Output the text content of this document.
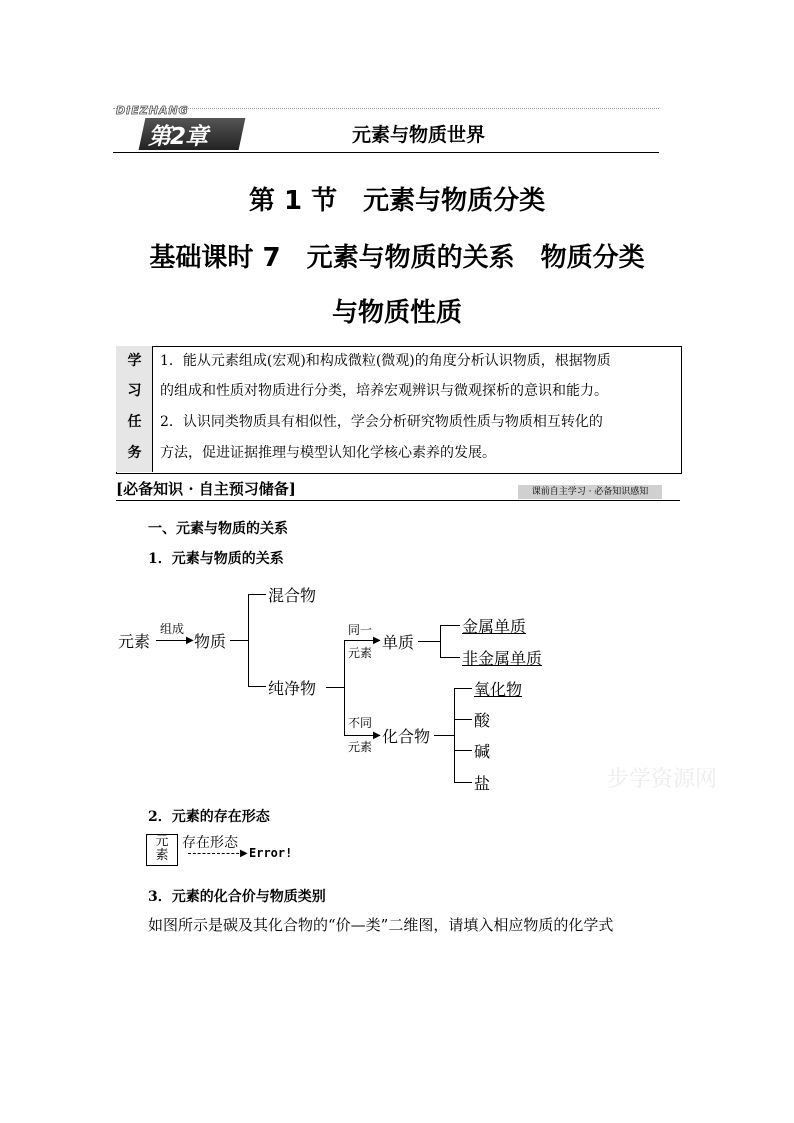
DIEZHANG
第2章	元素与物质世界
第 1 节　元素与物质分类
基础课时 7　元素与物质的关系　物质分类
与物质性质
学
习
任
务
1．能从元素组成(宏观)和构成微粒(微观)的角度分析认识物质，根据物质
的组成和性质对物质进行分类，培养宏观辨识与微观探析的意识和能力。
2．认识同类物质具有相似性，学会分析研究物质性质与物质相互转化的
方法，促进证据推理与模型认知化学核心素养的发展。
[必备知识 · 自主预习储备]	课前自主学习 · 必备知识感知
一、元素与物质的关系
1．元素与物质的关系
元素
组成
▶ 物质
混合物
纯净物
▶
同一
元素
单质
金属单质
非金属单质
▶
不同
元素
化合物
氧化物
酸
碱
盐	步学资源网
2．元素的存在形态
元
素
存在形态
▶ Error!
3．元素的化合价与物质类别
如图所示是碳及其化合物的“价—类”二维图，请填入相应物质的化学式
